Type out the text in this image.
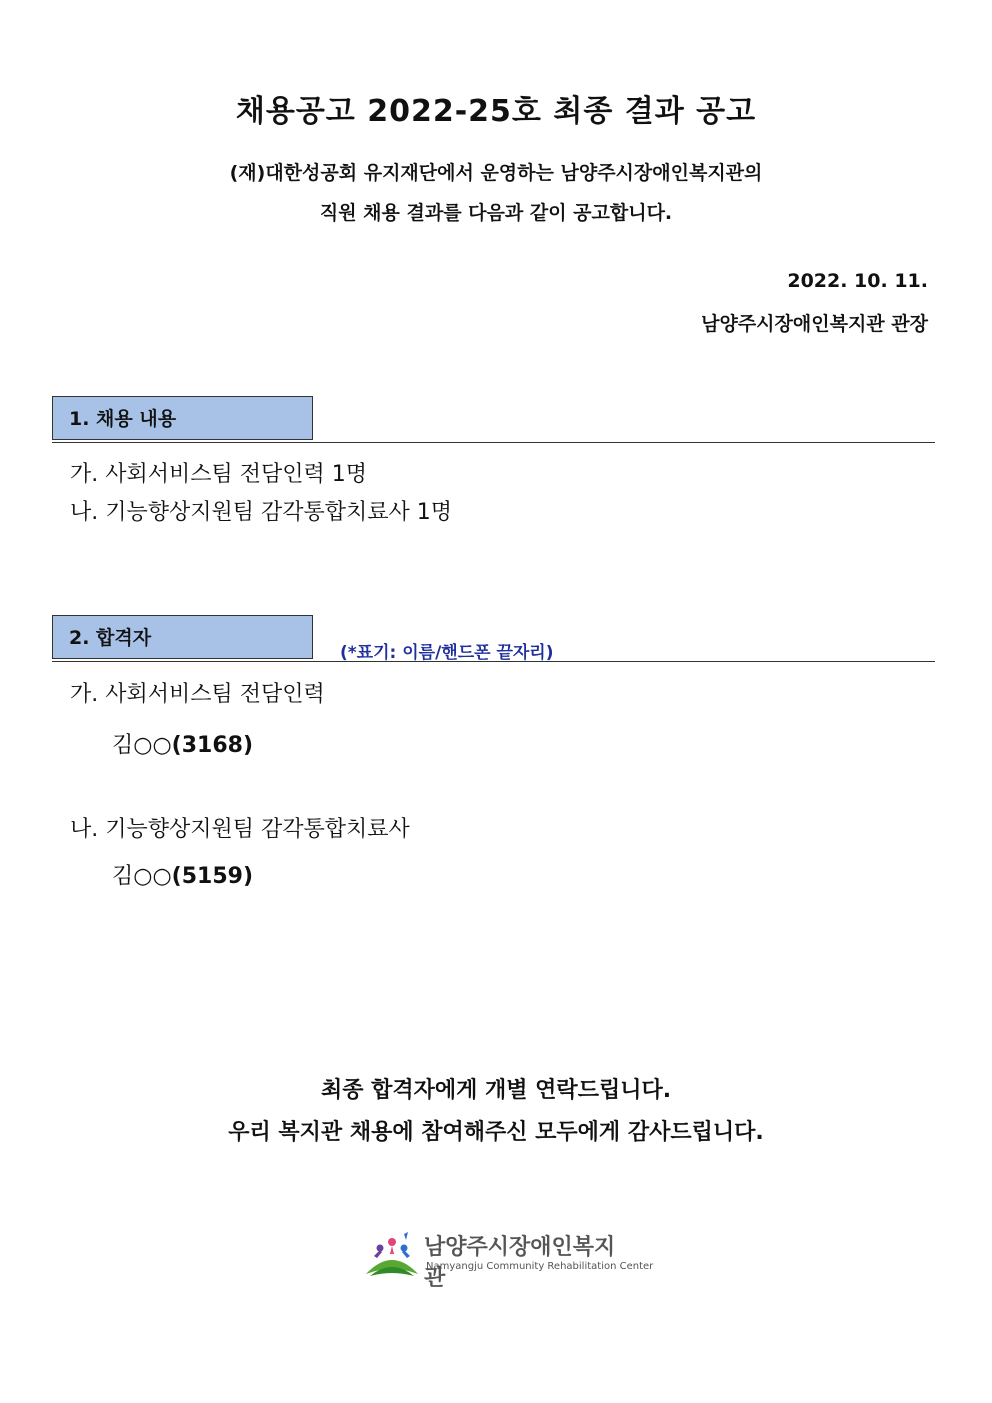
채용공고 2022-25호 최종 결과 공고
(재)대한성공회 유지재단에서 운영하는 남양주시장애인복지관의
직원 채용 결과를 다음과 같이 공고합니다.
2022. 10. 11.
남양주시장애인복지관 관장
1. 채용 내용
가. 사회서비스팀 전담인력 1명
나. 기능향상지원팀 감각통합치료사 1명
2. 합격자
(*표기: 이름/핸드폰 끝자리)
가. 사회서비스팀 전담인력
김○○(3168)
나. 기능향상지원팀 감각통합치료사
김○○(5159)
최종 합격자에게 개별 연락드립니다.
우리 복지관 채용에 참여해주신 모두에게 감사드립니다.
남양주시장애인복지관
Namyangju Community Rehabilitation Center
